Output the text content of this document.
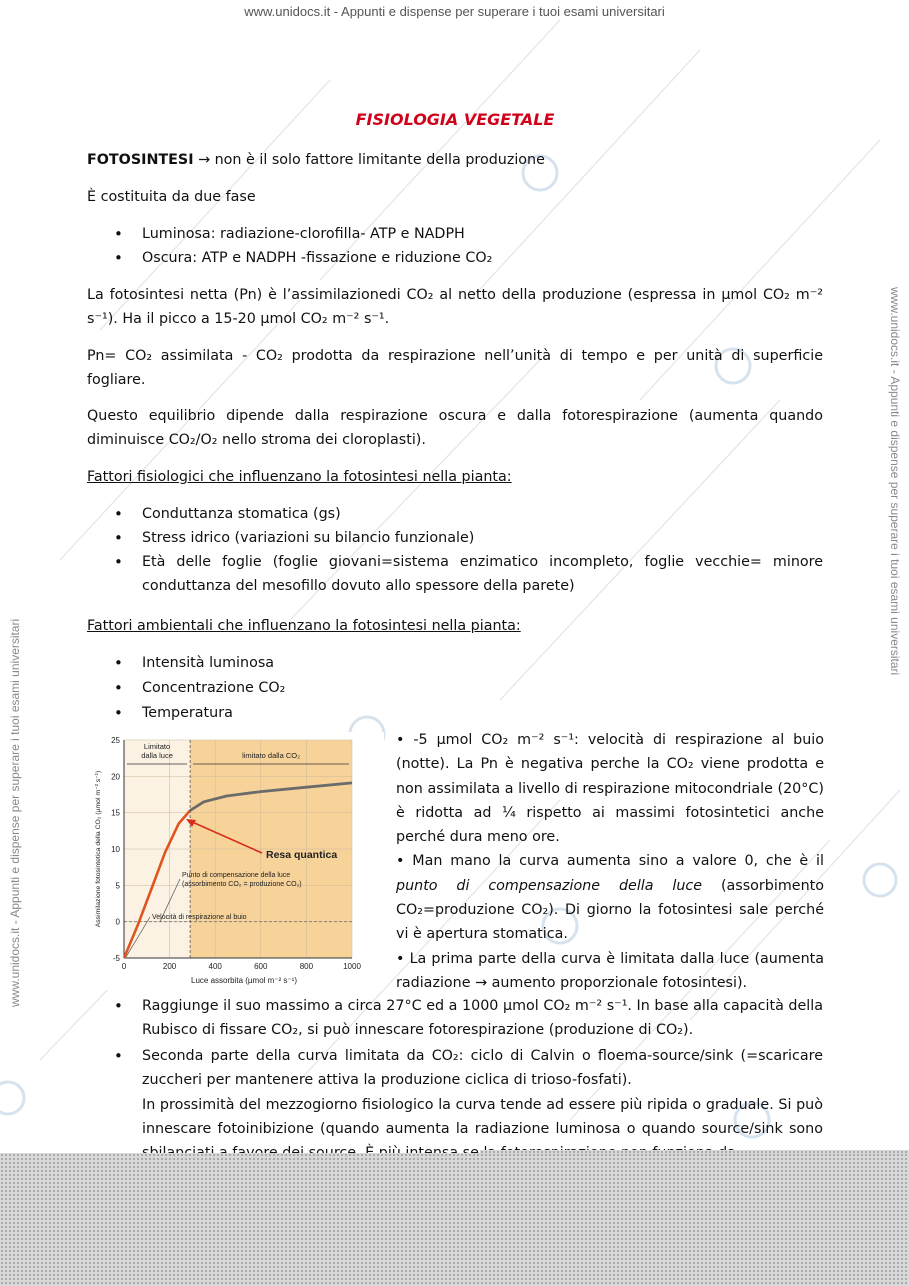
www.unidocs.it - Appunti e dispense per superare i tuoi esami universitari
www.unidocs.it - Appunti e dispense per superare i tuoi esami universitari
www.unidocs.it - Appunti e dispense per superare i tuoi esami universitari
FISIOLOGIA VEGETALE
FOTOSINTESI → non è il solo fattore limitante della produzione
È costituita da due fase
• Luminosa: radiazione-clorofilla- ATP e NADPH
• Oscura: ATP e NADPH -fissazione e riduzione CO₂
La fotosintesi netta (Pn) è l’assimilazionedi CO₂ al netto della produzione (espressa in µmol CO₂ m⁻² s⁻¹). Ha il picco a 15-20 µmol CO₂ m⁻² s⁻¹.
Pn= CO₂ assimilata - CO₂ prodotta da respirazione nell’unità di tempo e per unità di superficie fogliare.
Questo equilibrio dipende dalla respirazione oscura e dalla fotorespirazione (aumenta quando diminuisce CO₂/O₂ nello stroma dei cloroplasti).
Fattori fisiologici che influenzano la fotosintesi nella pianta:
• Conduttanza stomatica (gs)
• Stress idrico (variazioni su bilancio funzionale)
• Età delle foglie (foglie giovani=sistema enzimatico incompleto, foglie vecchie= minore conduttanza del mesofillo dovuto allo spessore della parete)
Fattori ambientali che influenzano la fotosintesi nella pianta:
• Intensità luminosa
• Concentrazione CO₂
• Temperatura
• Raggiunge il suo massimo a circa 27°C ed a 1000 µmol CO₂ m⁻² s⁻¹. In base alla capacità della Rubisco di fissare CO₂, si può innescare fotorespirazione (produzione di CO₂).
• Seconda parte della curva limitata da CO₂: ciclo di Calvin o floema-source/sink (=scaricare zuccheri per mantenere attiva la produzione ciclica di trioso-fosfati).
In prossimità del mezzogiorno fisiologico la curva tende ad essere più ripida o graduale. Si può innescare fotoinibizione (quando aumenta la radiazione luminosa o quando source/sink sono
25
20
15
10
5
0
-5
0	200	400	600	800	1000
Luce assorbita (µmol m⁻² s⁻¹)
Assimilazione fotosintetica della CO₂ (µmol m⁻² s⁻¹)
Limitato
dalla luce	limitato dalla CO₂
Resa quantica
Punto di compensazione della luce
(assorbimento CO₂ = produzione CO₂)
Velocità di respirazione al buio
• -5 µmol CO₂ m⁻² s⁻¹: velocità di respirazione al buio (notte). La Pn è negativa perche la CO₂ viene prodotta e non assimilata a livello di respirazione mitocondriale (20°C) è ridotta ad ¼ rispetto ai massimi fotosintetici anche perché dura meno ore.
• Man mano la curva aumenta sino a valore 0, che è il punto di compensazione della luce (assorbimento CO₂=produzione CO₂). Di giorno la fotosintesi sale perché vi è apertura stomatica.
• La prima parte della curva è limitata dalla luce (aumenta radiazione → aumento proporzionale fotosintesi).
